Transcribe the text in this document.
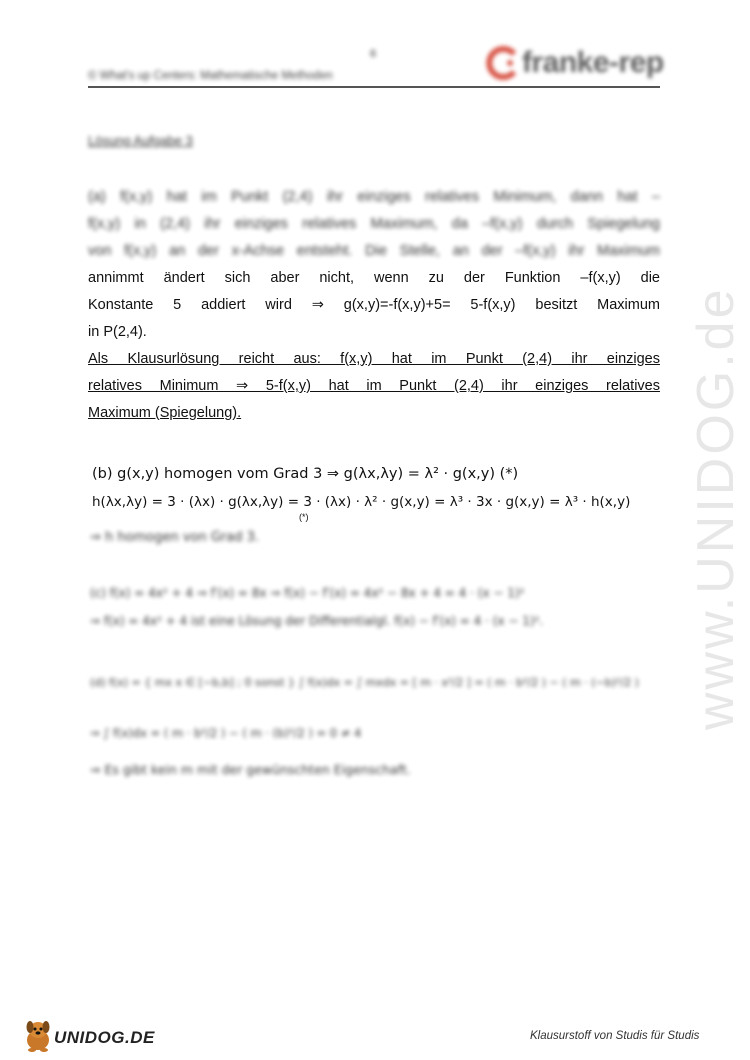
6
© What's up Centers: Mathematische Methoden	franke-rep
www.UNIDOG.de
Lösung Aufgabe 3
(a) f(x,y) hat im Punkt (2,4) ihr einziges relatives Minimum, dann hat –
f(x,y) in (2,4) ihr einziges relatives Maximum, da –f(x,y) durch Spiegelung
von f(x,y) an der x-Achse entsteht. Die Stelle, an der –f(x,y) ihr Maximum
annimmt ändert sich aber nicht, wenn zu der Funktion –f(x,y) die
Konstante 5 addiert wird ⇒ g(x,y)=-f(x,y)+5= 5-f(x,y) besitzt Maximum
in P(2,4).
Als Klausurlösung reicht aus: f(x,y) hat im Punkt (2,4) ihr einziges
relatives Minimum ⇒ 5-f(x,y) hat im Punkt (2,4) ihr einziges relatives
Maximum (Spiegelung).
(b) g(x,y) homogen vom Grad 3 ⇒ g(λx,λy) = λ² · g(x,y) (*)
h(λx,λy) = 3 · (λx) · g(λx,λy) = 3 · (λx) · λ² · g(x,y) = λ³ · 3x · g(x,y) = λ³ · h(x,y)
(*)
⇒ h homogen von Grad 3.
(c) f(x) = 4x² + 4 ⇒ f′(x) = 8x ⇒ f(x) − f′(x) = 4x² − 8x + 4 = 4 · (x − 1)²
⇒ f(x) = 4x² + 4 ist eine Lösung der Differentialgl. f(x) − f′(x) = 4 · (x − 1)².
(d) f(x) = { mx x ∈ [−b,b] ; 0 sonst } ∫ f(x)dx = ∫ mxdx = [ m · x²/2 ] = ( m · b²/2 ) − ( m · (−b)²/2 )
⇒ ∫ f(x)dx = ( m · b²/2 ) − ( m · (b)²/2 ) = 0 ≠ 4
⇒ Es gibt kein m mit der gewünschten Eigenschaft.
UNIDOG.DE	Klausurstoff von Studis für Studis
